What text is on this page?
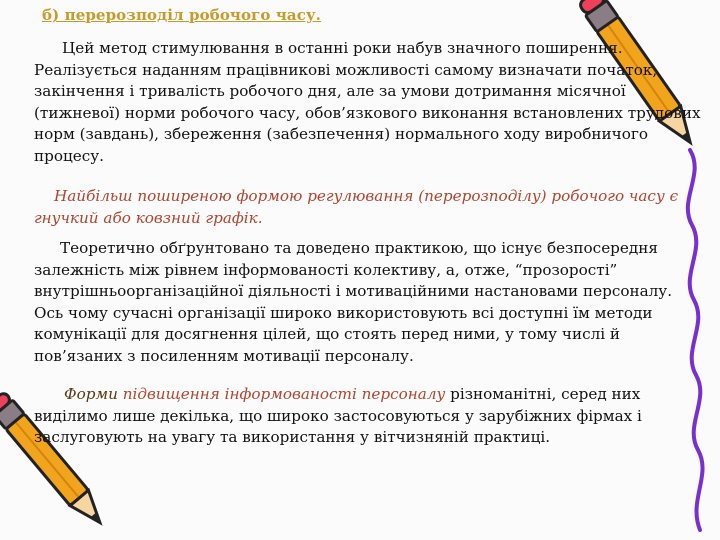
б) перерозподіл робочого часу.

Цей метод стимулювання в останні роки набув значного поширення. Реалізується наданням працівникові можливості самому визначати початок, закінчення і тривалість робочого дня, але за умови дотримання місячної (тижневої) норми робочого часу, обов’язкового виконання встановлених трудових норм (завдань), збереження (забезпечення) нормального ходу виробничого процесу.

Найбільш поширеною формою регулювання (перерозподілу) робочого часу є гнучкий або ковзний графік.

Теоретично обґрунтовано та доведено практикою, що існує безпосередня залежність між рівнем інформованості колективу, а, отже, “прозорості” внутрішньоорганізаційної діяльності і мотиваційними настановами персоналу. Ось чому сучасні організації широко використовують всі доступні їм методи комунікації для досягнення цілей, що стоять перед ними, у тому числі й пов’язаних з посиленням мотивації персоналу.

Форми підвищення інформованості персоналу різноманітні, серед них виділимо лише декілька, що широко застосовуються у зарубіжних фірмах і заслуговують на увагу та використання у вітчизняній практиці.
